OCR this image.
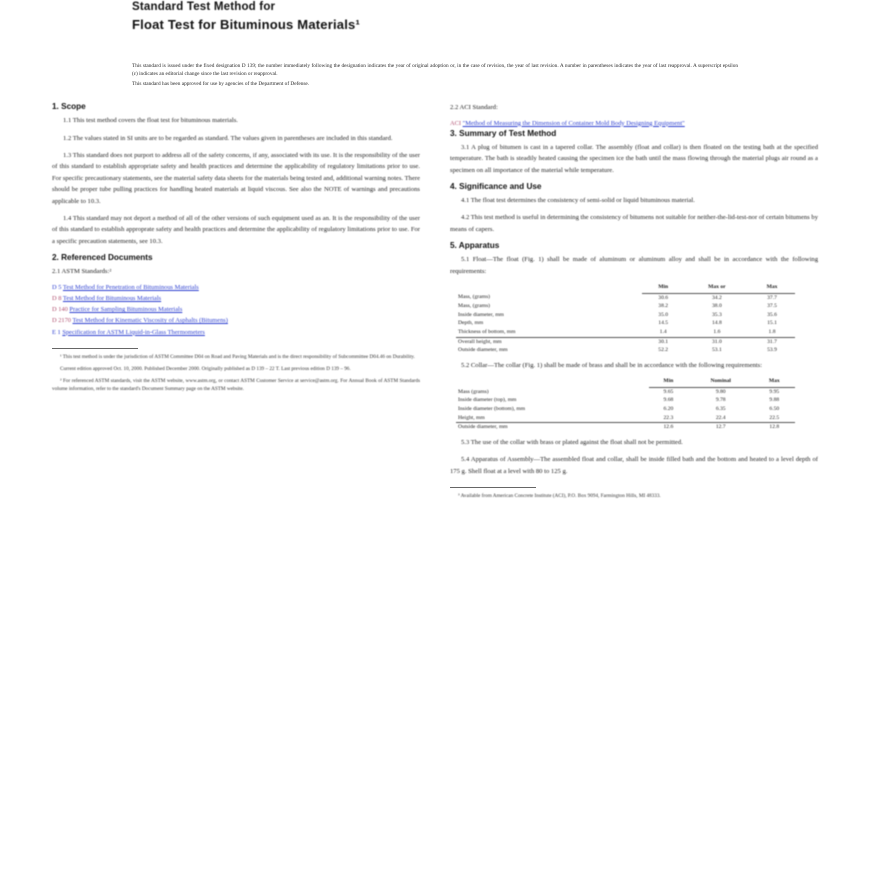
Standard Test Method for
Float Test for Bituminous Materials¹

This standard is issued under the fixed designation D 139; the number immediately following the designation indicates the year of original adoption or, in the case of revision, the year of last revision. A number in parentheses indicates the year of last reapproval. A superscript epsilon (ε) indicates an editorial change since the last revision or reapproval.

This standard has been approved for use by agencies of the Department of Defense.

1. Scope

1.1 This test method covers the float test for bituminous materials.

1.2 The values stated in SI units are to be regarded as standard. The values given in parentheses are included in this standard.

1.3 This standard does not purport to address all of the safety concerns, if any, associated with its use. It is the responsibility of the user of this standard to establish appropriate safety and health practices and determine the applicability of regulatory limitations prior to use. For specific precautionary statements, see the material safety data sheets for the materials being tested and, additional warning notes. There should be proper tube pulling practices for handling heated materials at liquid viscous. See also the NOTE of warnings and precautions applicable to 10.3.

1.4 This standard may not deport a method of all of the other versions of such equipment used as an. It is the responsibility of the user of this standard to establish approprate safety and health practices and determine the applicability of regulatory limitations prior to use. For a specific precaution statements, see 10.3.

2. Referenced Documents

2.1 ASTM Standards:²

D 5 Test Method for Penetration of Bituminous Materials
D 8 Test Method for Bituminous Materials
D 140 Practice for Sampling Bituminous Materials
D 2170 Test Method for Kinematic Viscosity of Asphalts (Bitumens)
E 1 Specification for ASTM Liquid-in-Glass Thermometers

¹ This test method is under the jurisdiction of ASTM Committee D04 on Road and Paving Materials and is the direct responsibility of Subcommittee D04.46 on Durability.

Current edition approved Oct. 10, 2000. Published December 2000. Originally published as D 139 – 22 T. Last previous edition D 139 – 96.

² For referenced ASTM standards, visit the ASTM website, www.astm.org, or contact ASTM Customer Service at service@astm.org. For Annual Book of ASTM Standards volume information, refer to the standard's Document Summary page on the ASTM website.

2.2 ACI Standard:

ACI "Method of Measuring the Dimension of Container Mold Body Designing Equipment"
3. Summary of Test Method

3.1 A plug of bitumen is cast in a tapered collar. The assembly (float and collar) is then floated on the testing bath at the specified temperature. The bath is steadily heated causing the specimen ice the bath until the mass flowing through the material plugs air round as a specimen on all importance of the material while temperature.

4. Significance and Use

4.1 The float test determines the consistency of semi-solid or liquid bituminous material.

4.2 This test method is useful in determining the consistency of bitumens not suitable for neither-the-lid-test-nor of certain bitumens by means of capers.

5. Apparatus

5.1 Float—The float (Fig. 1) shall be made of aluminum or aluminum alloy and shall be in accordance with the following requirements:

	Min	Max or	Max
Mass, (grams)	30.6	34.2	37.7
Mass, (grams)	38.2	38.0	37.5
Inside diameter, mm	35.0	35.3	35.6
Depth, mm	14.5	14.8	15.1
Thickness of bottom, mm	1.4	1.6	1.8
Overall height, mm	30.1	31.0	31.7
Outside diameter, mm	52.2	53.1	53.9

5.2 Collar—The collar (Fig. 1) shall be made of brass and shall be in accordance with the following requirements:

	Min	Nominal	Max
Mass (grams)	9.65	9.80	9.95
Inside diameter (top), mm	9.68	9.78	9.88
Inside diameter (bottom), mm	6.20	6.35	6.50
Height, mm	22.3	22.4	22.5
Outside diameter, mm	12.6	12.7	12.8

5.3 The use of the collar with brass or plated against the float shall not be permitted.

5.4 Apparatus of Assembly—The assembled float and collar, shall be inside filled bath and the bottom and heated to a level depth of 175 g. Shell float at a level with 80 to 125 g.

³ Available from American Concrete Institute (ACI), P.O. Box 9094, Farmington Hills, MI 48333.
